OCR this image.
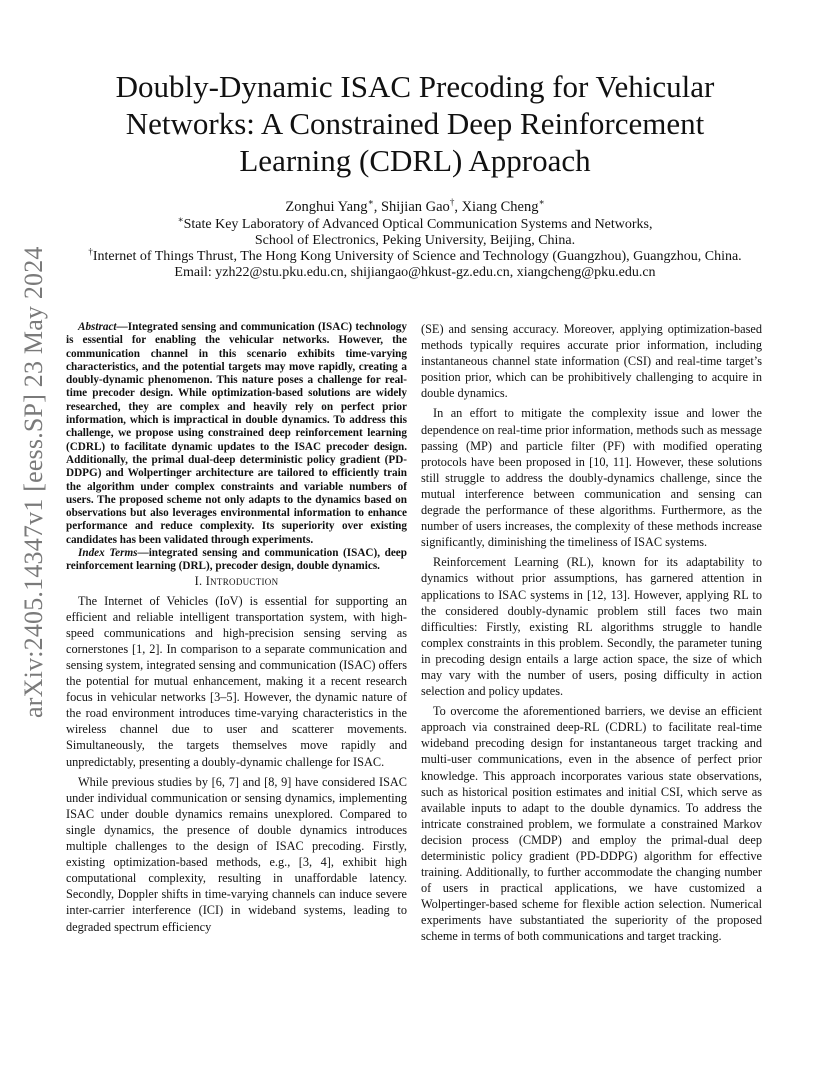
arXiv:2405.14347v1 [eess.SP] 23 May 2024
Doubly-Dynamic ISAC Precoding for Vehicular Networks: A Constrained Deep Reinforcement Learning (CDRL) Approach
Zonghui Yang∗, Shijian Gao†, Xiang Cheng∗
∗State Key Laboratory of Advanced Optical Communication Systems and Networks,
School of Electronics, Peking University, Beijing, China.
†Internet of Things Thrust, The Hong Kong University of Science and Technology (Guangzhou), Guangzhou, China.
Email: yzh22@stu.pku.edu.cn, shijiangao@hkust-gz.edu.cn, xiangcheng@pku.edu.cn

Abstract—Integrated sensing and communication (ISAC) technology is essential for enabling the vehicular networks. However, the communication channel in this scenario exhibits time-varying characteristics, and the potential targets may move rapidly, creating a doubly-dynamic phenomenon. This nature poses a challenge for real-time precoder design. While optimization-based solutions are widely researched, they are complex and heavily rely on perfect prior information, which is impractical in double dynamics. To address this challenge, we propose using constrained deep reinforcement learning (CDRL) to facilitate dynamic updates to the ISAC precoder design. Additionally, the primal dual-deep deterministic policy gradient (PD-DDPG) and Wolpertinger architecture are tailored to efficiently train the algorithm under complex constraints and variable numbers of users. The proposed scheme not only adapts to the dynamics based on observations but also leverages environmental information to enhance performance and reduce complexity. Its superiority over existing candidates has been validated through experiments.

Index Terms—integrated sensing and communication (ISAC), deep reinforcement learning (DRL), precoder design, double dynamics.

I. Introduction

The Internet of Vehicles (IoV) is essential for supporting an efficient and reliable intelligent transportation system, with high-speed communications and high-precision sensing serving as cornerstones [1, 2]. In comparison to a separate communication and sensing system, integrated sensing and communication (ISAC) offers the potential for mutual enhancement, making it a recent research focus in vehicular networks [3–5]. However, the dynamic nature of the road environment introduces time-varying characteristics in the wireless channel due to user and scatterer movements. Simultaneously, the targets themselves move rapidly and unpredictably, presenting a doubly-dynamic challenge for ISAC.

While previous studies by [6, 7] and [8, 9] have considered ISAC under individual communication or sensing dynamics, implementing ISAC under double dynamics remains unexplored. Compared to single dynamics, the presence of double dynamics introduces multiple challenges to the design of ISAC precoding. Firstly, existing optimization-based methods, e.g., [3, 4], exhibit high computational complexity, resulting in unaffordable latency. Secondly, Doppler shifts in time-varying channels can induce severe inter-carrier interference (ICI) in wideband systems, leading to degraded spectrum efficiency

(SE) and sensing accuracy. Moreover, applying optimization-based methods typically requires accurate prior information, including instantaneous channel state information (CSI) and real-time target’s position prior, which can be prohibitively challenging to acquire in double dynamics.

In an effort to mitigate the complexity issue and lower the dependence on real-time prior information, methods such as message passing (MP) and particle filter (PF) with modified operating protocols have been proposed in [10, 11]. However, these solutions still struggle to address the doubly-dynamics challenge, since the mutual interference between communication and sensing can degrade the performance of these algorithms. Furthermore, as the number of users increases, the complexity of these methods increase significantly, diminishing the timeliness of ISAC systems.

Reinforcement Learning (RL), known for its adaptability to dynamics without prior assumptions, has garnered attention in applications to ISAC systems in [12, 13]. However, applying RL to the considered doubly-dynamic problem still faces two main difficulties: Firstly, existing RL algorithms struggle to handle complex constraints in this problem. Secondly, the parameter tuning in precoding design entails a large action space, the size of which may vary with the number of users, posing difficulty in action selection and policy updates.

To overcome the aforementioned barriers, we devise an efficient approach via constrained deep-RL (CDRL) to facilitate real-time wideband precoding design for instantaneous target tracking and multi-user communications, even in the absence of perfect prior knowledge. This approach incorporates various state observations, such as historical position estimates and initial CSI, which serve as available inputs to adapt to the double dynamics. To address the intricate constrained problem, we formulate a constrained Markov decision process (CMDP) and employ the primal-dual deep deterministic policy gradient (PD-DDPG) algorithm for effective training. Additionally, to further accommodate the changing number of users in practical applications, we have customized a Wolpertinger-based scheme for flexible action selection. Numerical experiments have substantiated the superiority of the proposed scheme in terms of both communications and target tracking.
